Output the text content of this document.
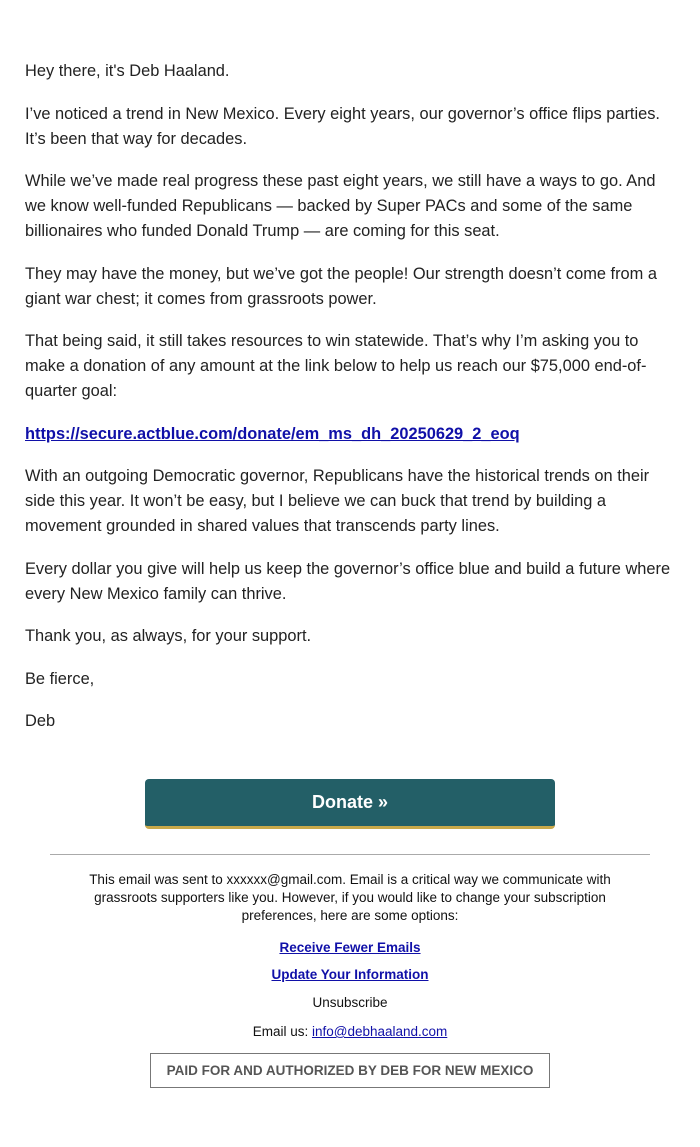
Hey there, it's Deb Haaland.

I’ve noticed a trend in New Mexico. Every eight years, our governor’s office flips parties. It’s been that way for decades.

While we’ve made real progress these past eight years, we still have a ways to go. And we know well-funded Republicans — backed by Super PACs and some of the same billionaires who funded Donald Trump — are coming for this seat.

They may have the money, but we’ve got the people! Our strength doesn’t come from a giant war chest; it comes from grassroots power.

That being said, it still takes resources to win statewide. That’s why I’m asking you to make a donation of any amount at the link below to help us reach our $75,000 end-of-quarter goal:

https://secure.actblue.com/donate/em_ms_dh_20250629_2_eoq

With an outgoing Democratic governor, Republicans have the historical trends on their side this year. It won’t be easy, but I believe we can buck that trend by building a movement grounded in shared values that transcends party lines.

Every dollar you give will help us keep the governor’s office blue and build a future where every New Mexico family can thrive.

Thank you, as always, for your support.

Be fierce,

Deb

Donate »
This email was sent to xxxxxx@gmail.com. Email is a critical way we communicate with grassroots supporters like you. However, if you would like to change your subscription preferences, here are some options:
Receive Fewer Emails
Update Your Information
Unsubscribe
Email us: info@debhaaland.com
PAID FOR AND AUTHORIZED BY DEB FOR NEW MEXICO
